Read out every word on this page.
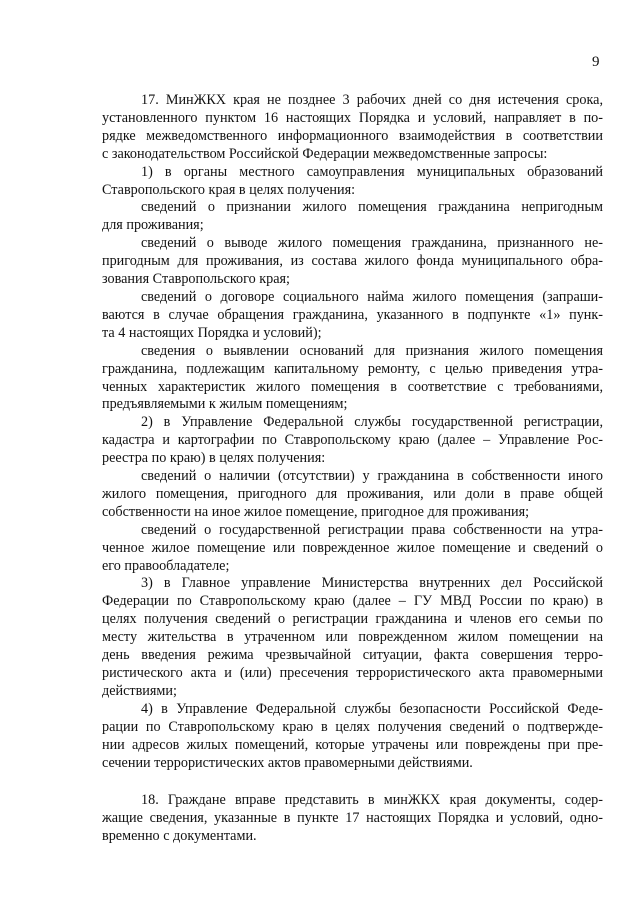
9

17. МинЖКХ края не позднее 3 рабочих дней со дня истечения срока,
установленного пунктом 16 настоящих Порядка и условий, направляет в по-
рядке межведомственного информационного взаимодействия в соответствии
с законодательством Российской Федерации межведомственные запросы:

1) в органы местного самоуправления муниципальных образований
Ставропольского края в целях получения:

сведений о признании жилого помещения гражданина непригодным
для проживания;

сведений о выводе жилого помещения гражданина, признанного не-
пригодным для проживания, из состава жилого фонда муниципального обра-
зования Ставропольского края;

сведений о договоре социального найма жилого помещения (запраши-
ваются в случае обращения гражданина, указанного в подпункте «1» пунк-
та 4 настоящих Порядка и условий);

сведения о выявлении оснований для признания жилого помещения
гражданина, подлежащим капитальному ремонту, с целью приведения утра-
ченных характеристик жилого помещения в соответствие с требованиями,
предъявляемыми к жилым помещениям;

2) в Управление Федеральной службы государственной регистрации,
кадастра и картографии по Ставропольскому краю (далее – Управление Рос-
реестра по краю) в целях получения:

сведений о наличии (отсутствии) у гражданина в собственности иного
жилого помещения, пригодного для проживания, или доли в праве общей
собственности на иное жилое помещение, пригодное для проживания;

сведений о государственной регистрации права собственности на утра-
ченное жилое помещение или поврежденное жилое помещение и сведений о
его правообладателе;

3) в Главное управление Министерства внутренних дел Российской
Федерации по Ставропольскому краю (далее – ГУ МВД России по краю) в
целях получения сведений о регистрации гражданина и членов его семьи по
месту жительства в утраченном или поврежденном жилом помещении на
день введения режима чрезвычайной ситуации, факта совершения терро-
ристического акта и (или) пресечения террористического акта правомерными
действиями;

4) в Управление Федеральной службы безопасности Российской Феде-
рации по Ставропольскому краю в целях получения сведений о подтвержде-
нии адресов жилых помещений, которые утрачены или повреждены при пре-
сечении террористических актов правомерными действиями.

18. Граждане вправе представить в минЖКХ края документы, содер-
жащие сведения, указанные в пункте 17 настоящих Порядка и условий, одно-
временно с документами.
